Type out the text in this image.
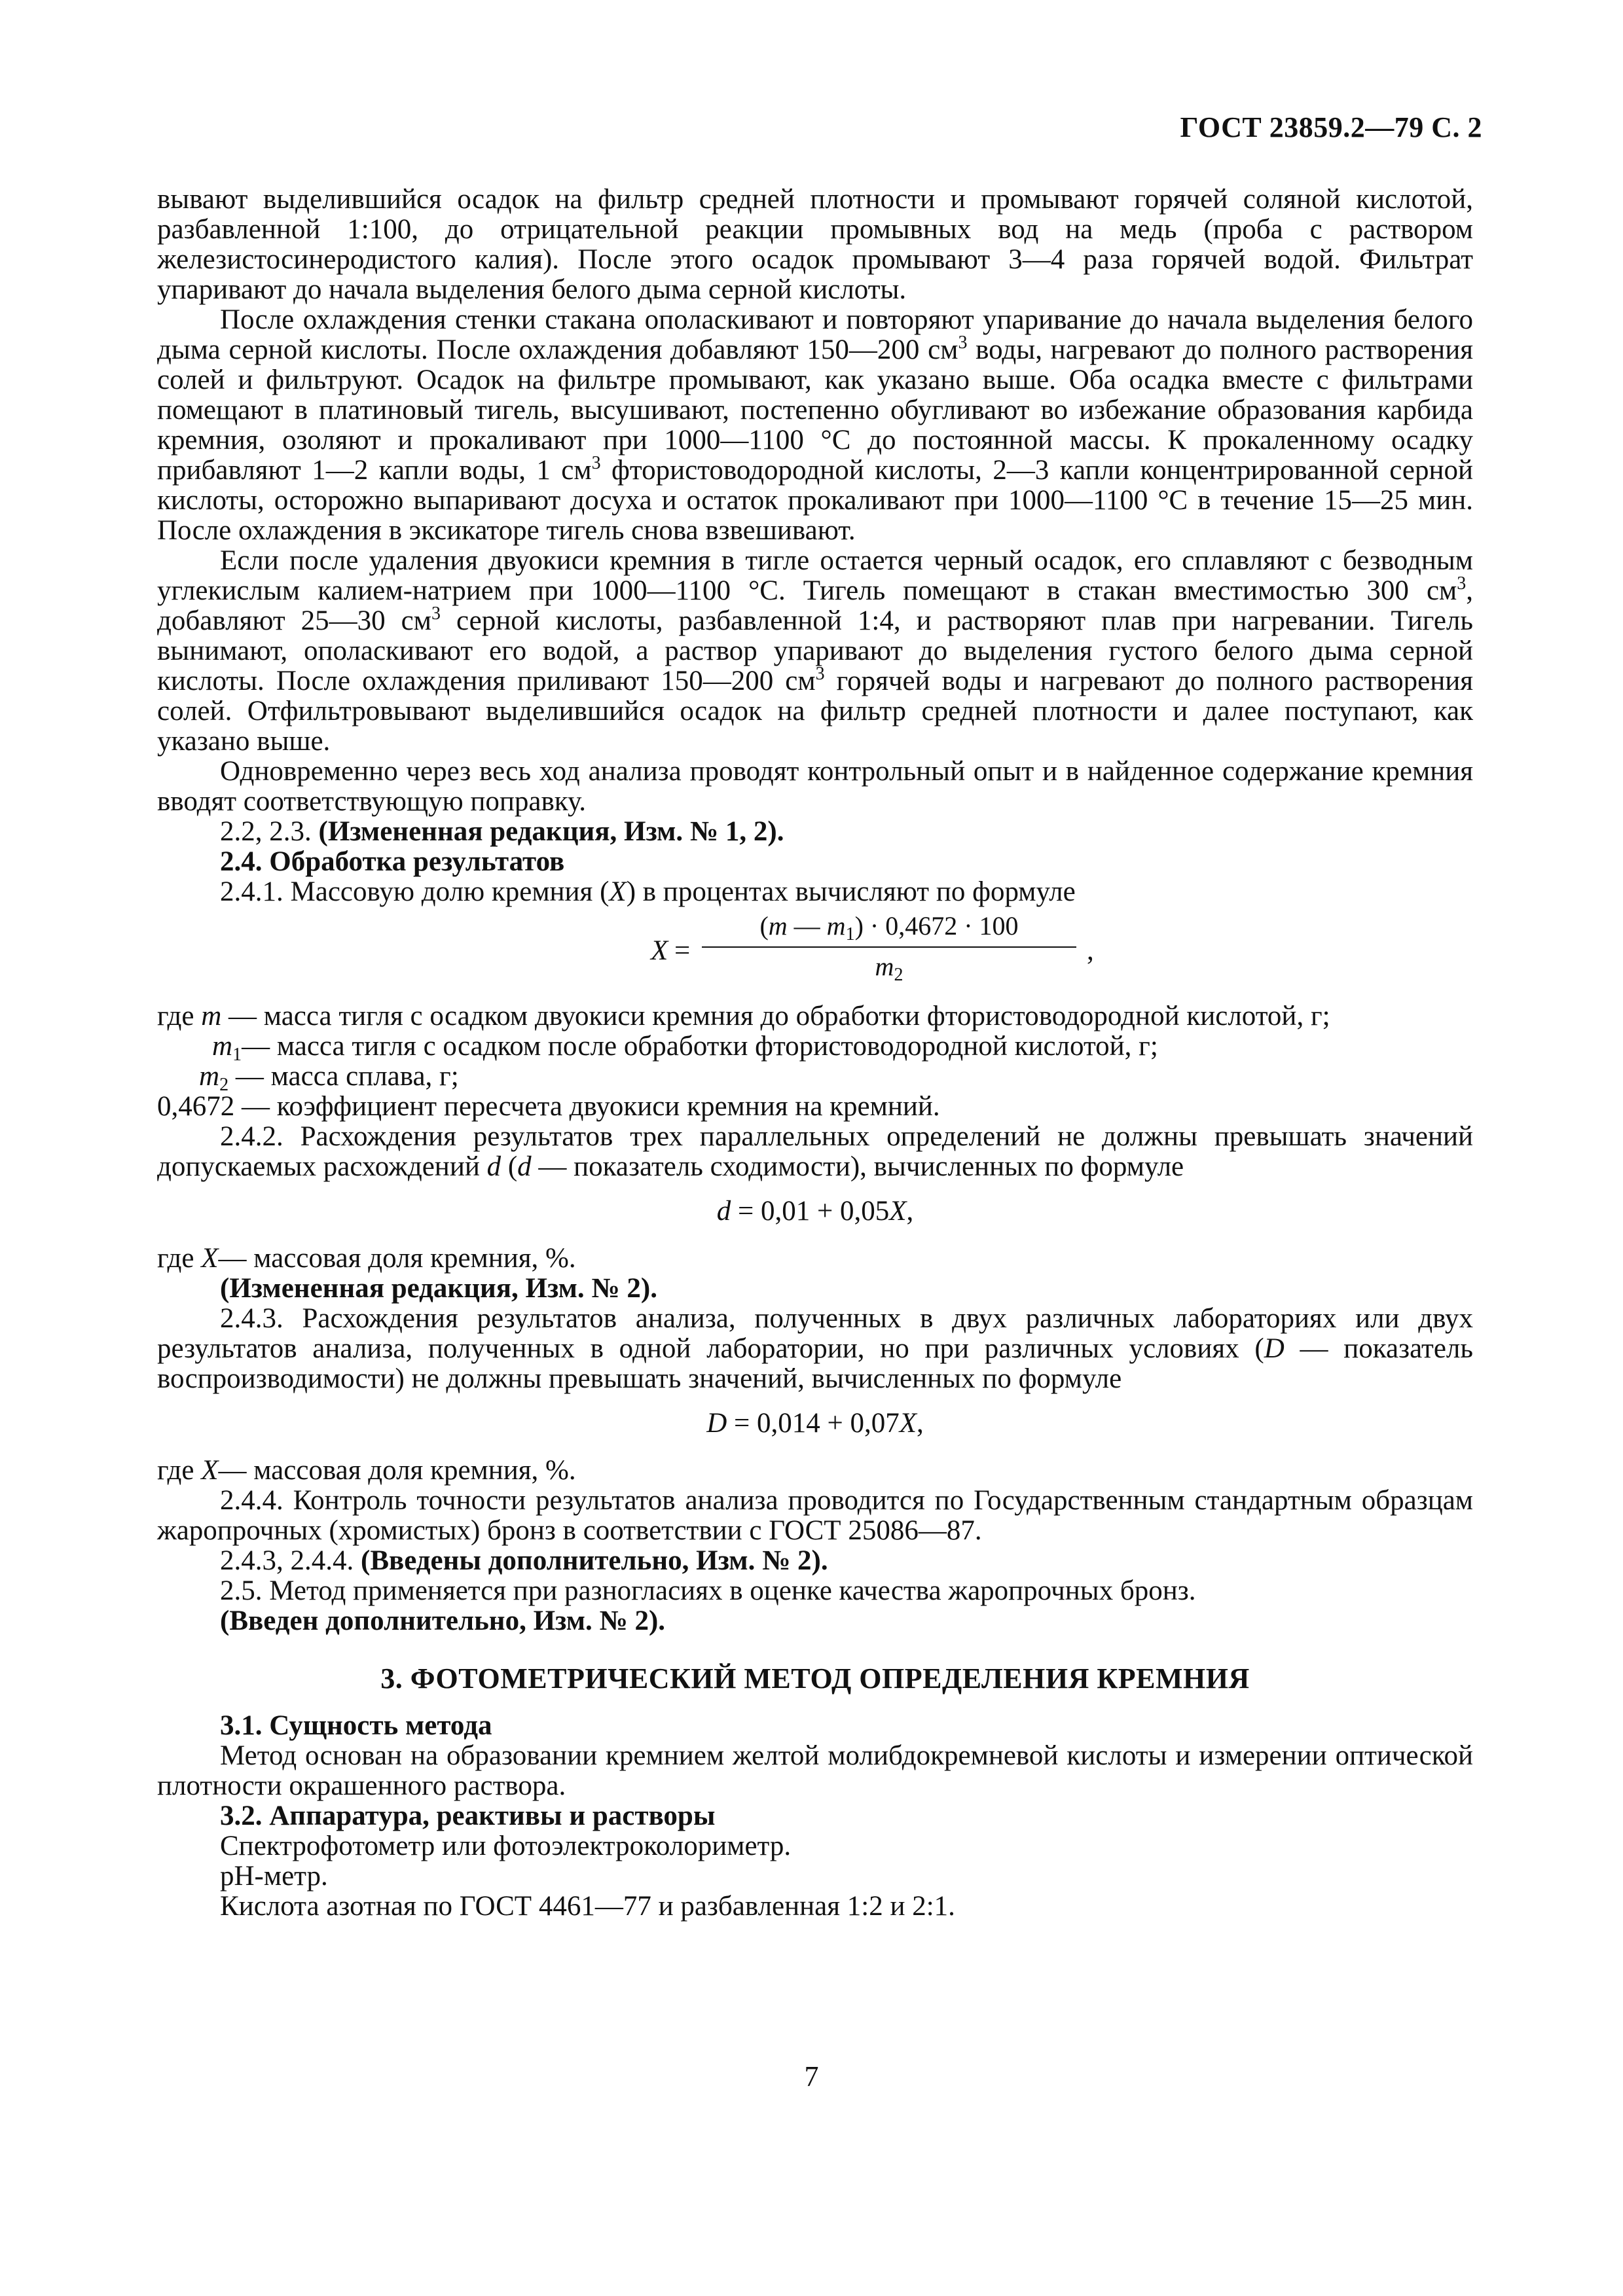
ГОСТ 23859.2—79 С. 2

вывают выделившийся осадок на фильтр средней плотности и промывают горячей соляной кислотой, разбавленной 1:100, до отрицательной реакции промывных вод на медь (проба с раствором железистосинеродистого калия). После этого осадок промывают 3—4 раза горячей водой. Фильтрат упаривают до начала выделения белого дыма серной кислоты.

После охлаждения стенки стакана ополаскивают и повторяют упаривание до начала выделения белого дыма серной кислоты. После охлаждения добавляют 150—200 $см^3$ воды, нагревают до полного растворения солей и фильтруют. Осадок на фильтре промывают, как указано выше. Оба осадка вместе с фильтрами помещают в платиновый тигель, высушивают, постепенно обугливают во избежание образования карбида кремния, озоляют и прокаливают при 1000—1100 °С до постоянной массы. К прокаленному осадку прибавляют 1—2 капли воды, 1 $см^3$ фтористоводородной кислоты, 2—3 капли концентрированной серной кислоты, осторожно выпаривают досуха и остаток прокаливают при 1000—1100 °С в течение 15—25 мин. После охлаждения в эксикаторе тигель снова взвешивают.

Если после удаления двуокиси кремния в тигле остается черный осадок, его сплавляют с безводным углекислым калием-натрием при 1000—1100 °С. Тигель помещают в стакан вместимостью 300 $см^3$, добавляют 25—30 $см^3$ серной кислоты, разбавленной 1:4, и растворяют плав при нагревании. Тигель вынимают, ополаскивают его водой, а раствор упаривают до выделения густого белого дыма серной кислоты. После охлаждения приливают 150—200 $см^3$ горячей воды и нагревают до полного растворения солей. Отфильтровывают выделившийся осадок на фильтр средней плотности и далее поступают, как указано выше.

Одновременно через весь ход анализа проводят контрольный опыт и в найденное содержание кремния вводят соответствующую поправку.

2.2, 2.3. (Измененная редакция, Изм. № 1, 2).

2.4. Обработка результатов

2.4.1. Массовую долю кремния (X) в процентах вычисляют по формуле

X =
(m — $m_1) \cdot 0,4672 \cdot 100$
$m_2$
,

где m — масса тигля с осадком двуокиси кремния до обработки фтористоводородной кислотой, г;

$m_1—$ масса тигля с осадком после обработки фтористоводородной кислотой, г;

$m_2$ — масса сплава, г;

0,4672 — коэффициент пересчета двуокиси кремния на кремний.

2.4.2. Расхождения результатов трех параллельных определений не должны превышать значений допускаемых расхождений d (d — показатель сходимости), вычисленных по формуле

d = 0,01 + 0,05X,

где X— массовая доля кремния, %.

(Измененная редакция, Изм. № 2).

2.4.3. Расхождения результатов анализа, полученных в двух различных лабораториях или двух результатов анализа, полученных в одной лаборатории, но при различных условиях (D — показатель воспроизводимости) не должны превышать значений, вычисленных по формуле

D = 0,014 + 0,07X,

где X— массовая доля кремния, %.

2.4.4. Контроль точности результатов анализа проводится по Государственным стандартным образцам жаропрочных (хромистых) бронз в соответствии с ГОСТ 25086—87.

2.4.3, 2.4.4. (Введены дополнительно, Изм. № 2).

2.5. Метод применяется при разногласиях в оценке качества жаропрочных бронз.

(Введен дополнительно, Изм. № 2).

3. ФОТОМЕТРИЧЕСКИЙ МЕТОД ОПРЕДЕЛЕНИЯ КРЕМНИЯ

3.1. Сущность метода

Метод основан на образовании кремнием желтой молибдокремневой кислоты и измерении оптической плотности окрашенного раствора.

3.2. Аппаратура, реактивы и растворы

Спектрофотометр или фотоэлектроколориметр.

pH-метр.

Кислота азотная по ГОСТ 4461—77 и разбавленная 1:2 и 2:1.

7
